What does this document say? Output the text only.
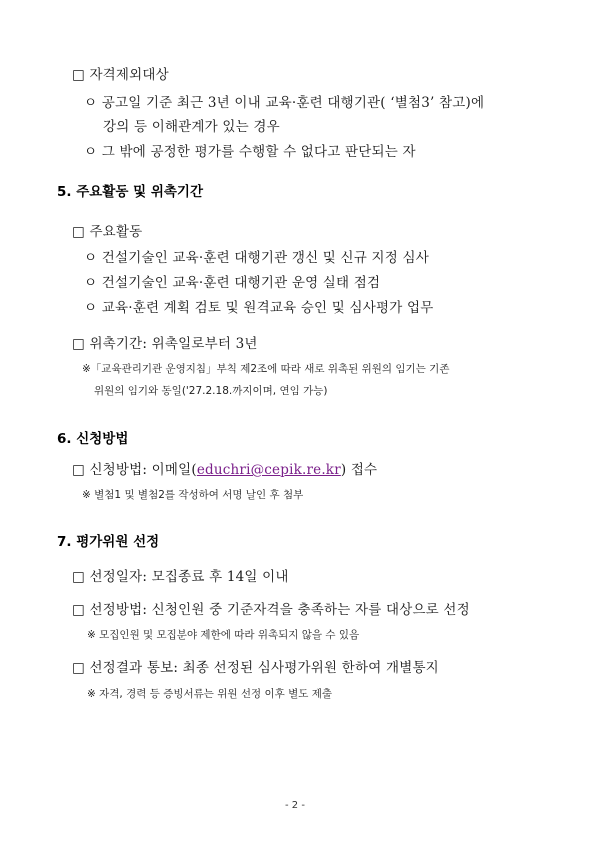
□ 자격제외대상
ㅇ 공고일 기준 최근 3년 이내 교육·훈련 대행기관( ‘별첨3’ 참고)에
강의 등 이해관계가 있는 경우
ㅇ 그 밖에 공정한 평가를 수행할 수 없다고 판단되는 자
5. 주요활동 및 위촉기간
□ 주요활동
ㅇ 건설기술인 교육·훈련 대행기관 갱신 및 신규 지정 심사
ㅇ 건설기술인 교육·훈련 대행기관 운영 실태 점검
ㅇ 교육·훈련 계획 검토 및 원격교육 승인 및 심사평가 업무
□ 위촉기간: 위촉일로부터 3년
※「교육관리기관 운영지침」부칙 제2조에 따라 새로 위촉된 위원의 임기는 기존
위원의 임기와 동일('27.2.18.까지이며, 연임 가능)
6. 신청방법
□ 신청방법: 이메일(educhri@cepik.re.kr) 접수
※ 별첨1 및 별첨2를 작성하여 서명 날인 후 첨부
7. 평가위원 선정
□ 선정일자: 모집종료 후 14일 이내
□ 선정방법: 신청인원 중 기준자격을 충족하는 자를 대상으로 선정
※ 모집인원 및 모집분야 제한에 따라 위촉되지 않을 수 있음
□ 선정결과 통보: 최종 선정된 심사평가위원 한하여 개별통지
※ 자격, 경력 등 증빙서류는 위원 선정 이후 별도 제출
- 2 -
